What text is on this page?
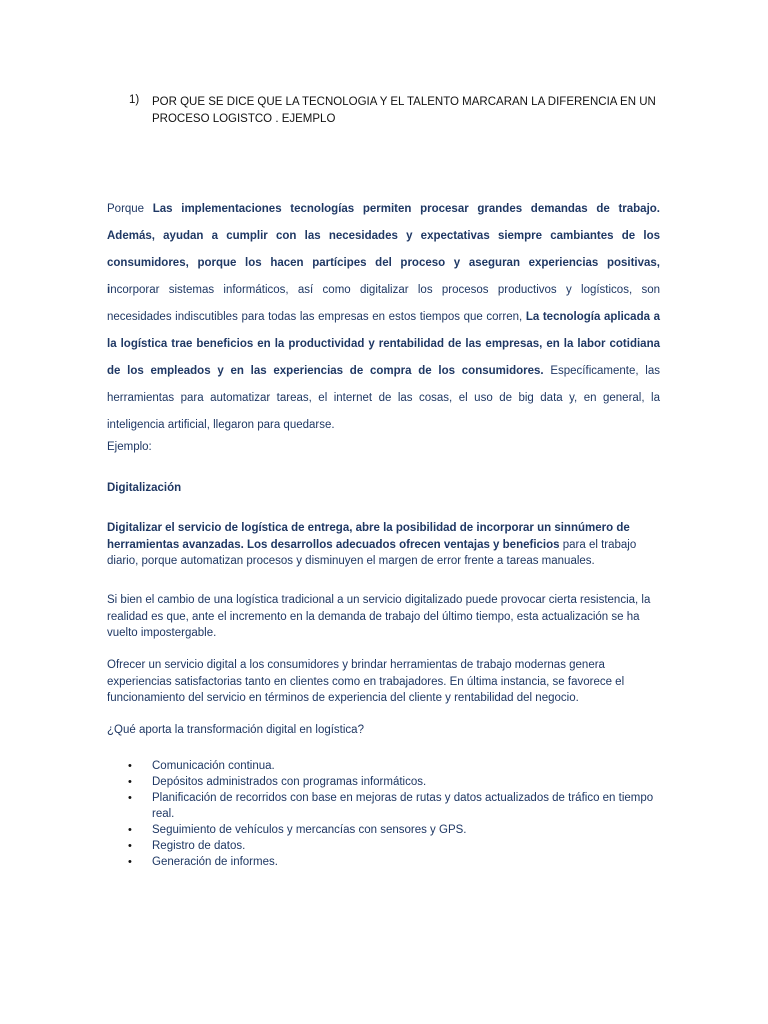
1) POR QUE SE DICE QUE LA TECNOLOGIA Y EL TALENTO MARCARAN LA DIFERENCIA EN UN PROCESO LOGISTCO . EJEMPLO
Porque Las implementaciones tecnologías permiten procesar grandes demandas de trabajo. Además, ayudan a cumplir con las necesidades y expectativas siempre cambiantes de los consumidores, porque los hacen partícipes del proceso y aseguran experiencias positivas, incorporar sistemas informáticos, así como digitalizar los procesos productivos y logísticos, son necesidades indiscutibles para todas las empresas en estos tiempos que corren, La tecnología aplicada a la logística trae beneficios en la productividad y rentabilidad de las empresas, en la labor cotidiana de los empleados y en las experiencias de compra de los consumidores. Específicamente, las herramientas para automatizar tareas, el internet de las cosas, el uso de big data y, en general, la inteligencia artificial, llegaron para quedarse.
Ejemplo:
Digitalización
Digitalizar el servicio de logística de entrega, abre la posibilidad de incorporar un sinnúmero de herramientas avanzadas. Los desarrollos adecuados ofrecen ventajas y beneficios para el trabajo diario, porque automatizan procesos y disminuyen el margen de error frente a tareas manuales.
Si bien el cambio de una logística tradicional a un servicio digitalizado puede provocar cierta resistencia, la realidad es que, ante el incremento en la demanda de trabajo del último tiempo, esta actualización se ha vuelto impostergable.
Ofrecer un servicio digital a los consumidores y brindar herramientas de trabajo modernas genera experiencias satisfactorias tanto en clientes como en trabajadores. En última instancia, se favorece el funcionamiento del servicio en términos de experiencia del cliente y rentabilidad del negocio.
¿Qué aporta la transformación digital en logística?
• Comunicación continua.
• Depósitos administrados con programas informáticos.
• Planificación de recorridos con base en mejoras de rutas y datos actualizados de tráfico en tiempo real.
• Seguimiento de vehículos y mercancías con sensores y GPS.
• Registro de datos.
• Generación de informes.
